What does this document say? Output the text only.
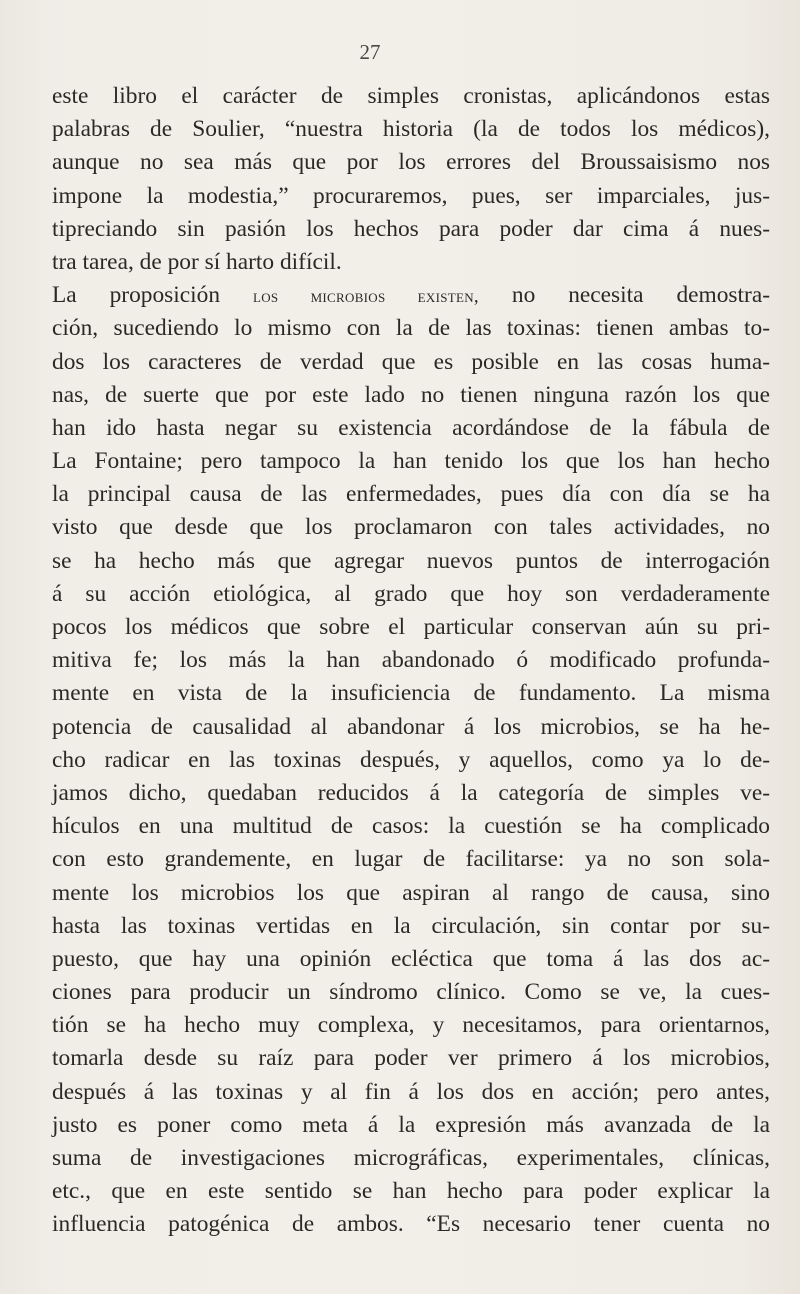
27
este libro el carácter de simples cronistas, aplicándonos estas
palabras de Soulier, “nuestra historia (la de todos los médicos),
aunque no sea más que por los errores del Broussaisismo nos
impone la modestia,” procuraremos, pues, ser imparciales, jus-
tipreciando sin pasión los hechos para poder dar cima á nues-
tra tarea, de por sí harto difícil.
La proposición los microbios existen, no necesita demostra-
ción, sucediendo lo mismo con la de las toxinas: tienen ambas to-
dos los caracteres de verdad que es posible en las cosas huma-
nas, de suerte que por este lado no tienen ninguna razón los que
han ido hasta negar su existencia acordándose de la fábula de
La Fontaine; pero tampoco la han tenido los que los han hecho
la principal causa de las enfermedades, pues día con día se ha
visto que desde que los proclamaron con tales actividades, no
se ha hecho más que agregar nuevos puntos de interrogación
á su acción etiológica, al grado que hoy son verdaderamente
pocos los médicos que sobre el particular conservan aún su pri-
mitiva fe; los más la han abandonado ó modificado profunda-
mente en vista de la insuficiencia de fundamento. La misma
potencia de causalidad al abandonar á los microbios, se ha he-
cho radicar en las toxinas después, y aquellos, como ya lo de-
jamos dicho, quedaban reducidos á la categoría de simples ve-
hículos en una multitud de casos: la cuestión se ha complicado
con esto grandemente, en lugar de facilitarse: ya no son sola-
mente los microbios los que aspiran al rango de causa, sino
hasta las toxinas vertidas en la circulación, sin contar por su-
puesto, que hay una opinión ecléctica que toma á las dos ac-
ciones para producir un síndromo clínico. Como se ve, la cues-
tión se ha hecho muy complexa, y necesitamos, para orientarnos,
tomarla desde su raíz para poder ver primero á los microbios,
después á las toxinas y al fin á los dos en acción; pero antes,
justo es poner como meta á la expresión más avanzada de la
suma de investigaciones micrográficas, experimentales, clínicas,
etc., que en este sentido se han hecho para poder explicar la
influencia patogénica de ambos. “Es necesario tener cuenta no
